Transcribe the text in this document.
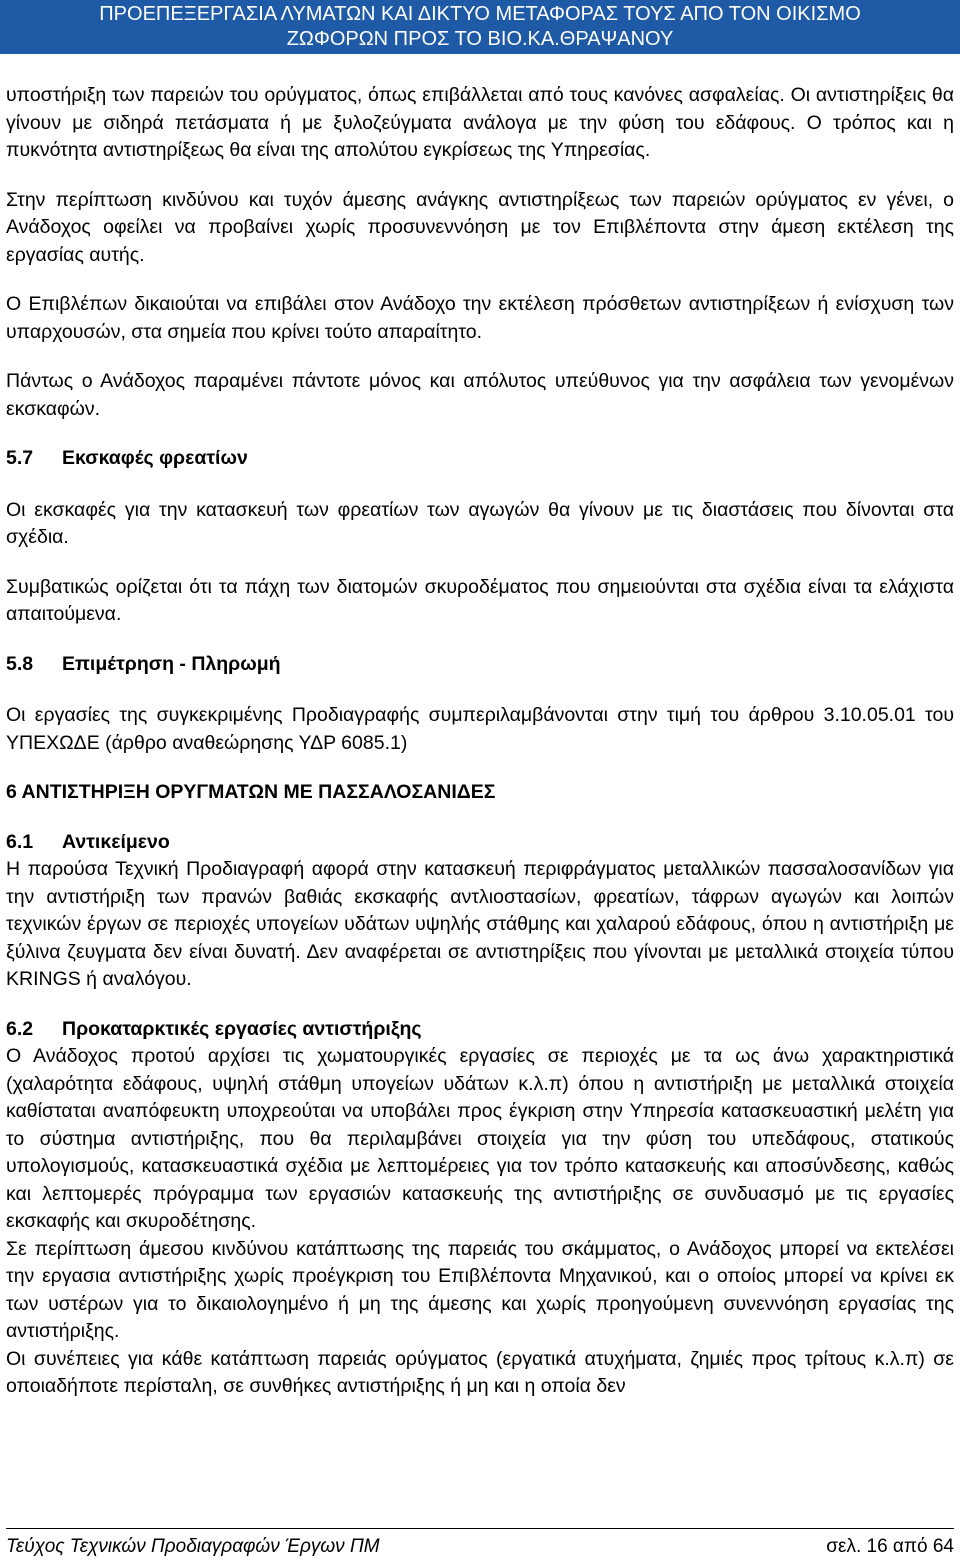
ΠΡΟΕΠΕΞΕΡΓΑΣΙΑ ΛΥΜΑΤΩΝ ΚΑΙ ΔΙΚΤΥΟ ΜΕΤΑΦΟΡΑΣ ΤΟΥΣ ΑΠΟ ΤΟΝ ΟΙΚΙΣΜΟ
ΖΩΦΟΡΩΝ ΠΡΟΣ ΤΟ ΒΙΟ.ΚΑ.ΘΡΑΨΑΝΟΥ

υποστήριξη των παρειών του ορύγματος, όπως επιβάλλεται από τους κανόνες ασφαλείας. Οι αντιστηρίξεις θα γίνουν με σιδηρά πετάσματα ή με ξυλοζεύγματα ανάλογα με την φύση του εδάφους. Ο τρόπος και η πυκνότητα αντιστηρίξεως θα είναι της απολύτου εγκρίσεως της Υπηρεσίας.

Στην περίπτωση κινδύνου και τυχόν άμεσης ανάγκης αντιστηρίξεως των παρειών ορύγματος εν γένει, ο Ανάδοχος οφείλει να προβαίνει χωρίς προσυνεννόηση με τον Επιβλέποντα στην άμεση εκτέλεση της εργασίας αυτής.

Ο Επιβλέπων δικαιούται να επιβάλει στον Ανάδοχο την εκτέλεση πρόσθετων αντιστηρίξεων ή ενίσχυση των υπαρχουσών, στα σημεία που κρίνει τούτο απαραίτητο.

Πάντως ο Ανάδοχος παραμένει πάντοτε μόνος και απόλυτος υπεύθυνος για την ασφάλεια των γενομένων εκσκαφών.

5.7 Εκσκαφές φρεατίων

Οι εκσκαφές για την κατασκευή των φρεατίων των αγωγών θα γίνουν με τις διαστάσεις που δίνονται στα σχέδια.

Συμβατικώς ορίζεται ότι τα πάχη των διατομών σκυροδέματος που σημειούνται στα σχέδια είναι τα ελάχιστα απαιτούμενα.

5.8 Επιμέτρηση - Πληρωμή

Οι εργασίες της συγκεκριμένης Προδιαγραφής συμπεριλαμβάνονται στην τιμή του άρθρου 3.10.05.01 του ΥΠΕΧΩΔΕ (άρθρο αναθεώρησης ΥΔΡ 6085.1)

6 ΑΝΤΙΣΤΗΡΙΞΗ ΟΡΥΓΜΑΤΩΝ ΜΕ ΠΑΣΣΑΛΟΣΑΝΙΔΕΣ

6.1 Αντικείμενο

Η παρούσα Τεχνική Προδιαγραφή αφορά στην κατασκευή περιφράγματος μεταλλικών πασσαλοσανίδων για την αντιστήριξη των πρανών βαθιάς εκσκαφής αντλιοστασίων, φρεατίων, τάφρων αγωγών και λοιπών τεχνικών έργων σε περιοχές υπογείων υδάτων υψηλής στάθμης και χαλαρού εδάφους, όπου η αντιστήριξη με ξύλινα ζευγματα δεν είναι δυνατή. Δεν αναφέρεται σε αντιστηρίξεις που γίνονται με μεταλλικά στοιχεία τύπου KRINGS ή αναλόγου.

6.2 Προκαταρκτικές εργασίες αντιστήριξης

Ο Ανάδοχος προτού αρχίσει τις χωματουργικές εργασίες σε περιοχές με τα ως άνω χαρακτηριστικά (χαλαρότητα εδάφους, υψηλή στάθμη υπογείων υδάτων κ.λ.π) όπου η αντιστήριξη με μεταλλικά στοιχεία καθίσταται αναπόφευκτη υποχρεούται να υποβάλει προς έγκριση στην Υπηρεσία κατασκευαστική μελέτη για το σύστημα αντιστήριξης, που θα περιλαμβάνει στοιχεία για την φύση του υπεδάφους, στατικούς υπολογισμούς, κατασκευαστικά σχέδια με λεπτομέρειες για τον τρόπο κατασκευής και αποσύνδεσης, καθώς και λεπτομερές πρόγραμμα των εργασιών κατασκευής της αντιστήριξης σε συνδυασμό με τις εργασίες εκσκαφής και σκυροδέτησης.

Σε περίπτωση άμεσου κινδύνου κατάπτωσης της παρειάς του σκάμματος, ο Ανάδοχος μπορεί να εκτελέσει την εργασια αντιστήριξης χωρίς προέγκριση του Επιβλέποντα Μηχανικού, και ο οποίος μπορεί να κρίνει εκ των υστέρων για το δικαιολογημένο ή μη της άμεσης και χωρίς προηγούμενη συνεννόηση εργασίας της αντιστήριξης.

Οι συνέπειες για κάθε κατάπτωση παρειάς ορύγματος (εργατικά ατυχήματα, ζημιές προς τρίτους κ.λ.π) σε οποιαδήποτε περίσταλη, σε συνθήκες αντιστήριξης ή μη και η οποία δεν

Τεύχος Τεχνικών Προδιαγραφών Έργων ΠΜ	σελ. 16 από 64
